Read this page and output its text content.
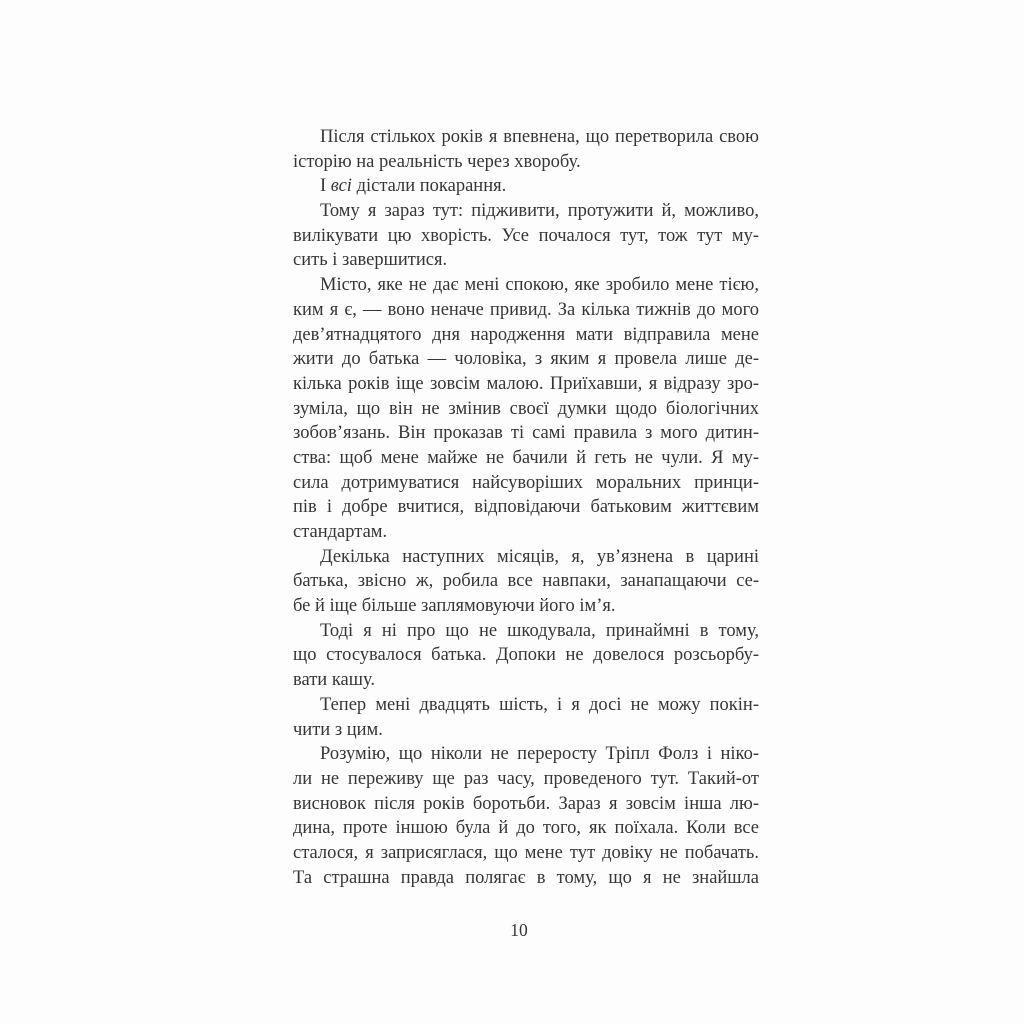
Після стількох років я впевнена, що перетворила свою
історію на реальність через хворобу.
І всі дістали покарання.
Тому я зараз тут: підживити, протужити й, можливо,
вилікувати цю хворість. Усе почалося тут, тож тут му-
сить і завершитися.
Місто, яке не дає мені спокою, яке зробило мене тією,
ким я є, — воно неначе привид. За кілька тижнів до мого
дев’ятнадцятого дня народження мати відправила мене
жити до батька — чоловіка, з яким я провела лише де-
кілька років іще зовсім малою. Приїхавши, я відразу зро-
зуміла, що він не змінив своєї думки щодо біологічних
зобов’язань. Він проказав ті самі правила з мого дитин-
ства: щоб мене майже не бачили й геть не чули. Я му-
сила дотримуватися найсуворіших моральних принци-
пів і добре вчитися, відповідаючи батьковим життєвим
стандартам.
Декілька наступних місяців, я, ув’язнена в царині
батька, звісно ж, робила все навпаки, занапащаючи се-
бе й іще більше заплямовуючи його ім’я.
Тоді я ні про що не шкодувала, принаймні в тому,
що стосувалося батька. Допоки не довелося розсьорбу-
вати кашу.
Тепер мені двадцять шість, і я досі не можу покін-
чити з цим.
Розумію, що ніколи не переросту Тріпл Фолз і ніко-
ли не переживу ще раз часу, проведеного тут. Такий-от
висновок після років боротьби. Зараз я зовсім інша лю-
дина, проте іншою була й до того, як поїхала. Коли все
сталося, я заприсяглася, що мене тут довіку не побачать.
Та страшна правда полягає в тому, що я не знайшла
10
